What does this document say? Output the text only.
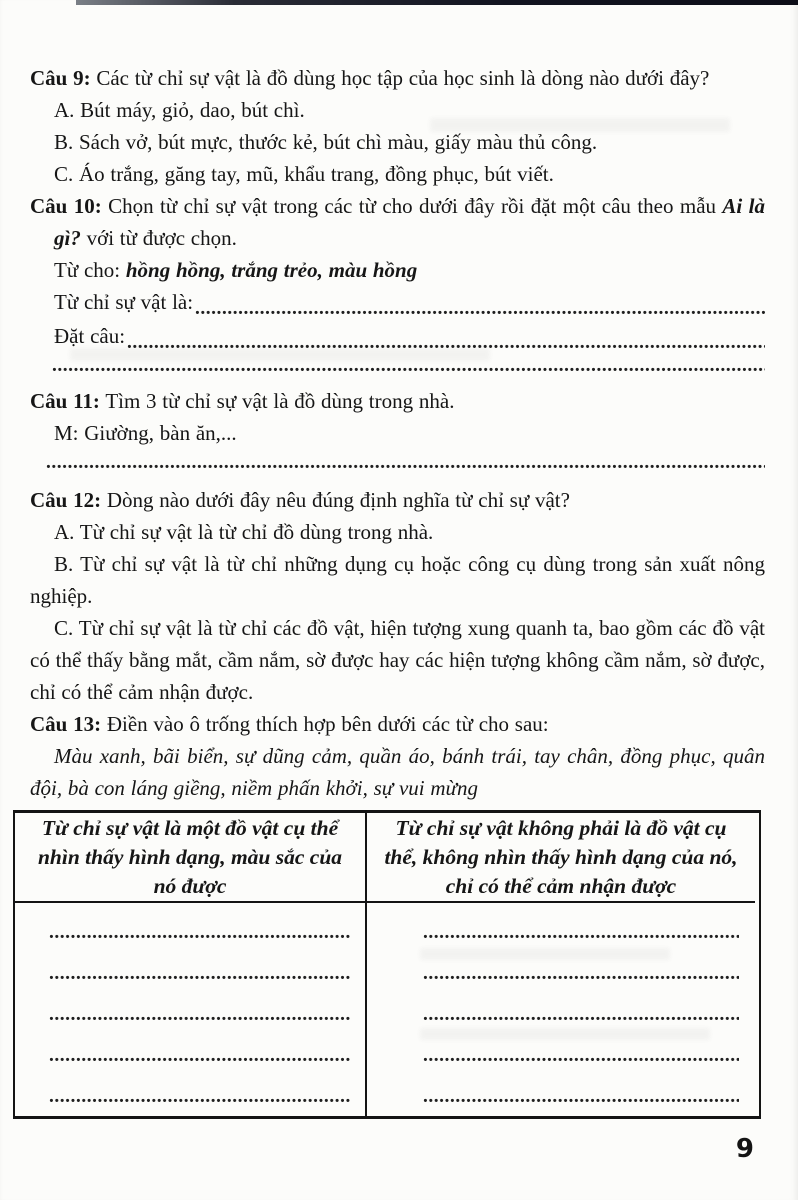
Câu 9: Các từ chỉ sự vật là đồ dùng học tập của học sinh là dòng nào dưới đây?

A. Bút máy, giỏ, dao, bút chì.

B. Sách vở, bút mực, thước kẻ, bút chì màu, giấy màu thủ công.

C. Áo trắng, găng tay, mũ, khẩu trang, đồng phục, bút viết.

Câu 10: Chọn từ chỉ sự vật trong các từ cho dưới đây rồi đặt một câu theo mẫu Ai là gì? với từ được chọn.

Từ cho: hồng hồng, trắng trẻo, màu hồng

Từ chỉ sự vật là:
Đặt câu:

Câu 11: Tìm 3 từ chỉ sự vật là đồ dùng trong nhà.

M: Giường, bàn ăn,...

Câu 12: Dòng nào dưới đây nêu đúng định nghĩa từ chỉ sự vật?

A. Từ chỉ sự vật là từ chỉ đồ dùng trong nhà.

B. Từ chỉ sự vật là từ chỉ những dụng cụ hoặc công cụ dùng trong sản xuất nông nghiệp.

C. Từ chỉ sự vật là từ chỉ các đồ vật, hiện tượng xung quanh ta, bao gồm các đồ vật có thể thấy bằng mắt, cầm nắm, sờ được hay các hiện tượng không cầm nắm, sờ được, chỉ có thể cảm nhận được.

Câu 13: Điền vào ô trống thích hợp bên dưới các từ cho sau:

Màu xanh, bãi biển, sự dũng cảm, quần áo, bánh trái, tay chân, đồng phục, quân đội, bà con láng giềng, niềm phấn khởi, sự vui mừng

Từ chỉ sự vật là một đồ vật cụ thể nhìn thấy hình dạng, màu sắc của nó được
Từ chỉ sự vật không phải là đồ vật cụ thể, không nhìn thấy hình dạng của nó, chỉ có thể cảm nhận được
9
